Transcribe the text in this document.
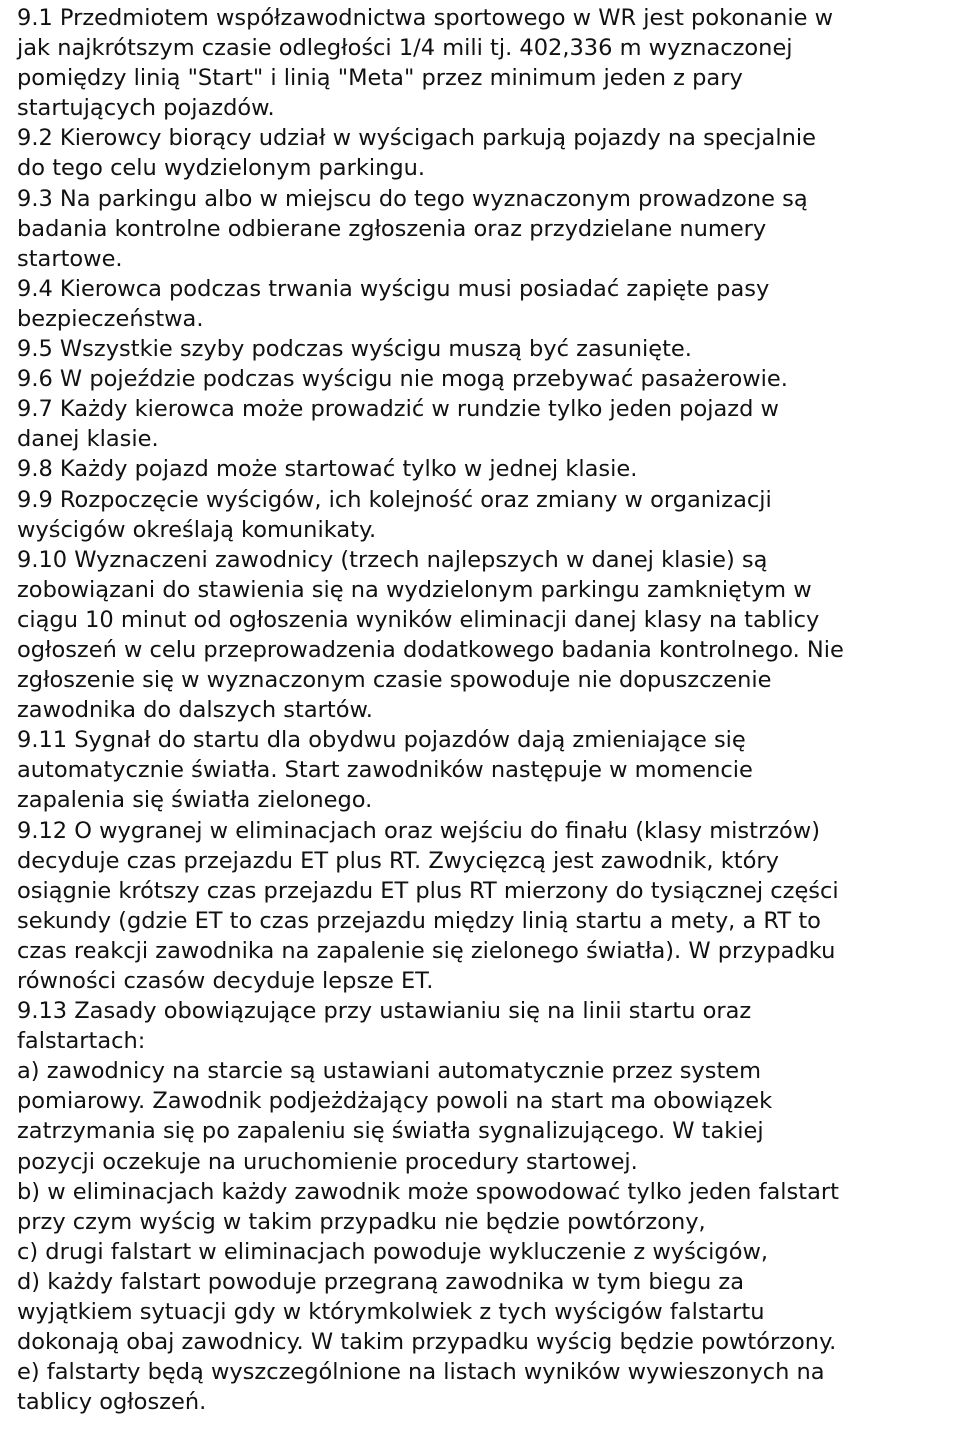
9.1 Przedmiotem współzawodnictwa sportowego w WR jest pokonanie w
jak najkrótszym czasie odległości 1/4 mili tj. 402,336 m wyznaczonej
pomiędzy linią "Start" i linią "Meta" przez minimum jeden z pary
startujących pojazdów.

9.2 Kierowcy biorący udział w wyścigach parkują pojazdy na specjalnie
do tego celu wydzielonym parkingu.

9.3 Na parkingu albo w miejscu do tego wyznaczonym prowadzone są
badania kontrolne odbierane zgłoszenia oraz przydzielane numery
startowe.

9.4 Kierowca podczas trwania wyścigu musi posiadać zapięte pasy
bezpieczeństwa.

9.5 Wszystkie szyby podczas wyścigu muszą być zasunięte.

9.6 W pojeździe podczas wyścigu nie mogą przebywać pasażerowie.

9.7 Każdy kierowca może prowadzić w rundzie tylko jeden pojazd w
danej klasie.

9.8 Każdy pojazd może startować tylko w jednej klasie.

9.9 Rozpoczęcie wyścigów, ich kolejność oraz zmiany w organizacji
wyścigów określają komunikaty.

9.10 Wyznaczeni zawodnicy (trzech najlepszych w danej klasie) są
zobowiązani do stawienia się na wydzielonym parkingu zamkniętym w
ciągu 10 minut od ogłoszenia wyników eliminacji danej klasy na tablicy
ogłoszeń w celu przeprowadzenia dodatkowego badania kontrolnego. Nie
zgłoszenie się w wyznaczonym czasie spowoduje nie dopuszczenie
zawodnika do dalszych startów.

9.11 Sygnał do startu dla obydwu pojazdów dają zmieniające się
automatycznie światła. Start zawodników następuje w momencie
zapalenia się światła zielonego.

9.12 O wygranej w eliminacjach oraz wejściu do finału (klasy mistrzów)
decyduje czas przejazdu ET plus RT. Zwycięzcą jest zawodnik, który
osiągnie krótszy czas przejazdu ET plus RT mierzony do tysiącznej części
sekundy (gdzie ET to czas przejazdu między linią startu a mety, a RT to
czas reakcji zawodnika na zapalenie się zielonego światła). W przypadku
równości czasów decyduje lepsze ET.

9.13 Zasady obowiązujące przy ustawianiu się na linii startu oraz
falstartach:

a) zawodnicy na starcie są ustawiani automatycznie przez system
pomiarowy. Zawodnik podjeżdżający powoli na start ma obowiązek
zatrzymania się po zapaleniu się światła sygnalizującego. W takiej
pozycji oczekuje na uruchomienie procedury startowej.

b) w eliminacjach każdy zawodnik może spowodować tylko jeden falstart
przy czym wyścig w takim przypadku nie będzie powtórzony,

c) drugi falstart w eliminacjach powoduje wykluczenie z wyścigów,

d) każdy falstart powoduje przegraną zawodnika w tym biegu za
wyjątkiem sytuacji gdy w którymkolwiek z tych wyścigów falstartu
dokonają obaj zawodnicy. W takim przypadku wyścig będzie powtórzony.

e) falstarty będą wyszczególnione na listach wyników wywieszonych na
tablicy ogłoszeń.
